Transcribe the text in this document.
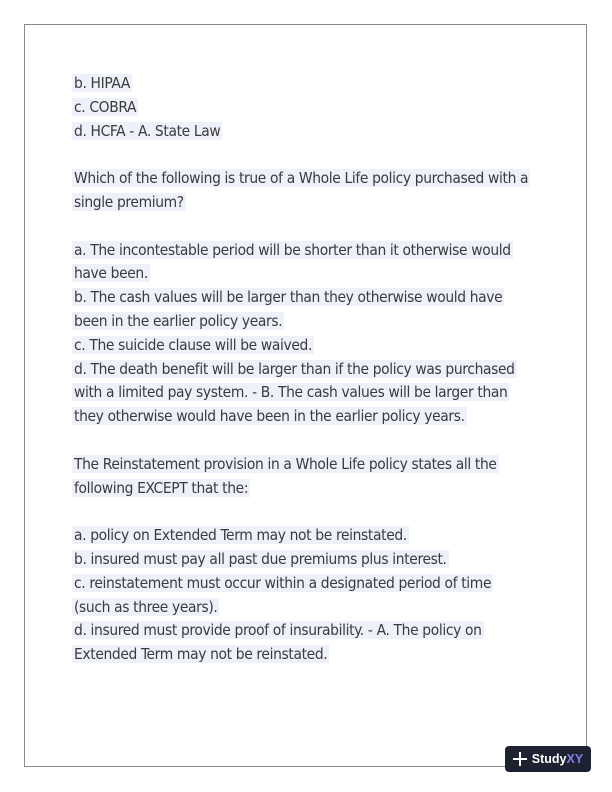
b. HIPAA
c. COBRA
d. HCFA - A. State Law
Which of the following is true of a Whole Life policy purchased with a
single premium?
a. The incontestable period will be shorter than it otherwise would
have been.
b. The cash values will be larger than they otherwise would have
been in the earlier policy years.
c. The suicide clause will be waived.
d. The death benefit will be larger than if the policy was purchased
with a limited pay system. - B. The cash values will be larger than
they otherwise would have been in the earlier policy years.
The Reinstatement provision in a Whole Life policy states all the
following EXCEPT that the:
a. policy on Extended Term may not be reinstated.
b. insured must pay all past due premiums plus interest.
c. reinstatement must occur within a designated period of time
(such as three years).
d. insured must provide proof of insurability. - A. The policy on
Extended Term may not be reinstated.
StudyXY
